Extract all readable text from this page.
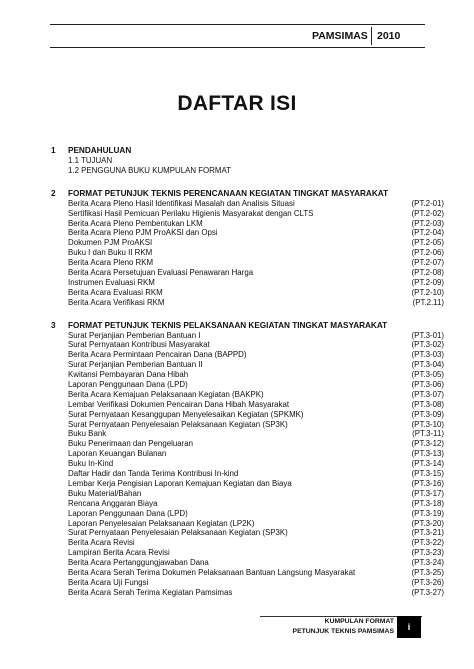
PAMSIMAS 2010
DAFTAR ISI
1 PENDAHULUAN
1.1 TUJUAN
1.2 PENGGUNA BUKU KUMPULAN FORMAT
2 FORMAT PETUNJUK TEKNIS PERENCANAAN KEGIATAN TINGKAT MASYARAKAT
Berita Acara Pleno Hasil Identifikasi Masalah dan Analisis Situasi	(PT.2-01)
Sertifikasi Hasil Pemicuan Perilaku Higienis Masyarakat dengan CLTS	(PT.2-02)
Berita Acara Pleno Pembentukan LKM	(PT.2-03)
Berita Acara Pleno PJM ProAKSI dan Opsi	(PT.2-04)
Dokumen PJM ProAKSI	(PT.2-05)
Buku I dan Buku II RKM	(PT.2-06)
Berita Acara Pleno RKM	(PT.2-07)
Berita Acara Persetujuan Evaluasi Penawaran Harga	(PT.2-08)
Instrumen Evaluasi RKM	(PT.2-09)
Berita Acara Evaluasi RKM	(PT.2-10)
Berita Acara Verifikasi RKM	(PT.2.11)
3 FORMAT PETUNJUK TEKNIS PELAKSANAAN KEGIATAN TINGKAT MASYARAKAT
Surat Perjanjian Pemberian Bantuan I	(PT.3-01)
Surat Pernyataan Kontribusi Masyarakat	(PT.3-02)
Berita Acara Permintaan Pencairan Dana (BAPPD)	(PT.3-03)
Surat Perjanjian Pemberian Bantuan II	(PT.3-04)
Kwitansi Pembayaran Dana Hibah	(PT.3-05)
Laporan Penggunaan Dana (LPD)	(PT.3-06)
Berita Acara Kemajuan Pelaksanaan Kegiatan (BAKPK)	(PT.3-07)
Lembar Verifikasi Dokumen Pencairan Dana Hibah Masyarakat	(PT.3-08)
Surat Pernyataan Kesanggupan Menyelesaikan Kegiatan (SPKMK)	(PT.3-09)
Surat Pernyataan Penyelesaian Pelaksanaan Kegiatan (SP3K)	(PT.3-10)
Buku Bank	(PT.3-11)
Buku Penerimaan dan Pengeluaran	(PT.3-12)
Laporan Keuangan Bulanan	(PT.3-13)
Buku In-Kind	(PT.3-14)
Daftar Hadir dan Tanda Terima Kontribusi In-kind	(PT.3-15)
Lembar Kerja Pengisian Laporan Kemajuan Kegiatan dan Biaya	(PT.3-16)
Buku Material/Bahan	(PT.3-17)
Rencana Anggaran Biaya	(PT.3-18)
Laporan Penggunaan Dana (LPD)	(PT.3-19)
Laporan Penyelesaian Pelaksanaan Kegiatan (LP2K)	(PT.3-20)
Surat Pernyataan Penyelesaian Pelaksanaan Kegiatan (SP3K)	(PT.3-21)
Berita Acara Revisi	(PT.3-22)
Lampiran Berita Acara Revisi	(PT.3-23)
Berita Acara Pertanggungjawaban Dana	(PT.3-24)
Berita Acara Serah Terima Dokumen Pelaksanaan Bantuan Langsung Masyarakat	(PT.3-25)
Berita Acara Uji Fungsi	(PT.3-26)
Berita Acara Serah Terima Kegiatan Pamsimas	(PT.3-27)
KUMPULAN FORMAT
PETUNJUK TEKNIS PAMSIMAS	i
